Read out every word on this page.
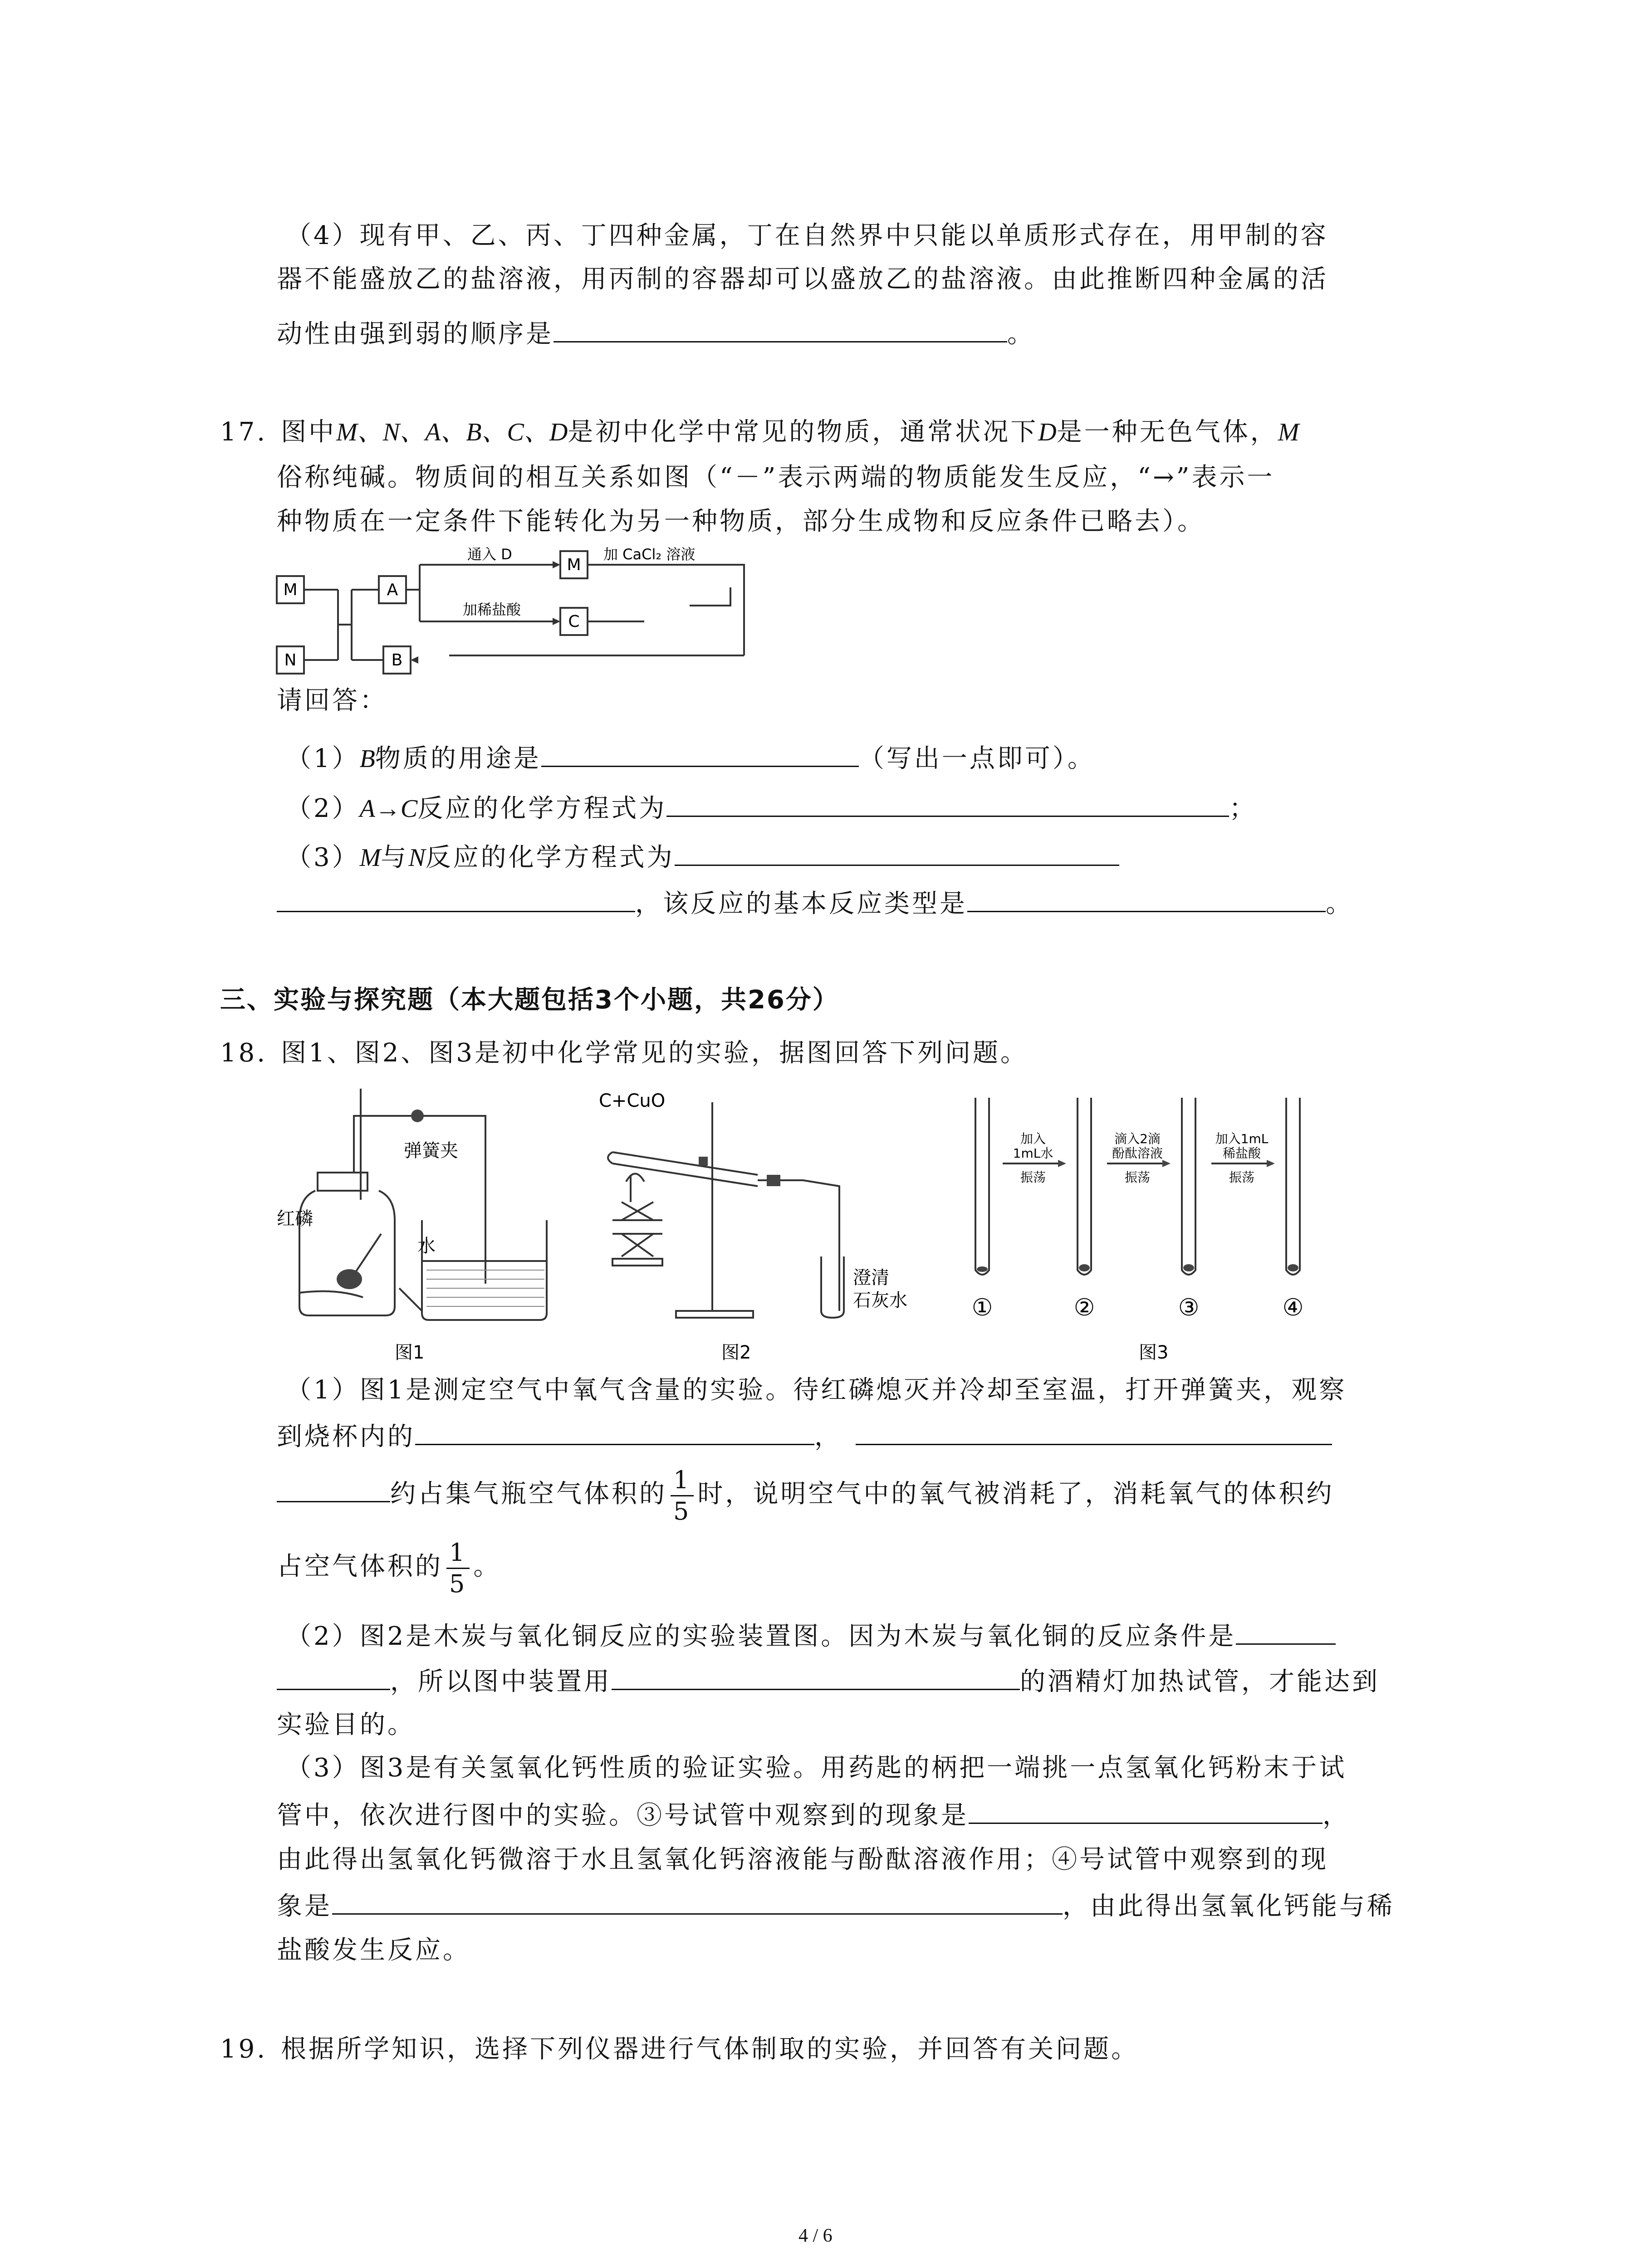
（4）现有甲、乙、丙、丁四种金属，丁在自然界中只能以单质形式存在，用甲制的容
器不能盛放乙的盐溶液，用丙制的容器却可以盛放乙的盐溶液。由此推断四种金属的活
动性由强到弱的顺序是	。
17. 图中M、N、A、B、C、D是初中化学中常见的物质，通常状况下D是一种无色气体，M
俗称纯碱。物质间的相互关系如图（“－”表示两端的物质能发生反应，“→”表示一
种物质在一定条件下能转化为另一种物质，部分生成物和反应条件已略去）。
M
N
A
B
M
C
通入 D	加 CaCl₂ 溶液
加稀盐酸
请回答：
（1）B物质的用途是	（写出一点即可）。
（2）A→C反应的化学方程式为	；
（3）M与N反应的化学方程式为
，该反应的基本反应类型是	。
三、实验与探究题（本大题包括3个小题，共26分）
18. 图1、图2、图3是初中化学常见的实验，据图回答下列问题。
红磷
弹簧夹
水
图1
C+CuO
澄清
石灰水
图2
加入
1mL水
振荡
滴入2滴
酚酞溶液
振荡
加入1mL
稀盐酸
振荡
①	②	③	④
图3
（1）图1是测定空气中氧气含量的实验。待红磷熄灭并冷却至室温，打开弹簧夹，观察
到烧杯内的	，
约占集气瓶空气体积的 $\frac{1}{5}$ 时，说明空气中的氧气被消耗了，消耗氧气的体积约
占空气体积的 $\frac{1}{5}$ 。
（2）图2是木炭与氧化铜反应的实验装置图。因为木炭与氧化铜的反应条件是
，所以图中装置用	的酒精灯加热试管，才能达到
实验目的。
（3）图3是有关氢氧化钙性质的验证实验。用药匙的柄把一端挑一点氢氧化钙粉末于试
管中，依次进行图中的实验。③号试管中观察到的现象是	，
由此得出氢氧化钙微溶于水且氢氧化钙溶液能与酚酞溶液作用；④号试管中观察到的现
象是	，由此得出氢氧化钙能与稀
盐酸发生反应。
19. 根据所学知识，选择下列仪器进行气体制取的实验，并回答有关问题。
4 / 6
